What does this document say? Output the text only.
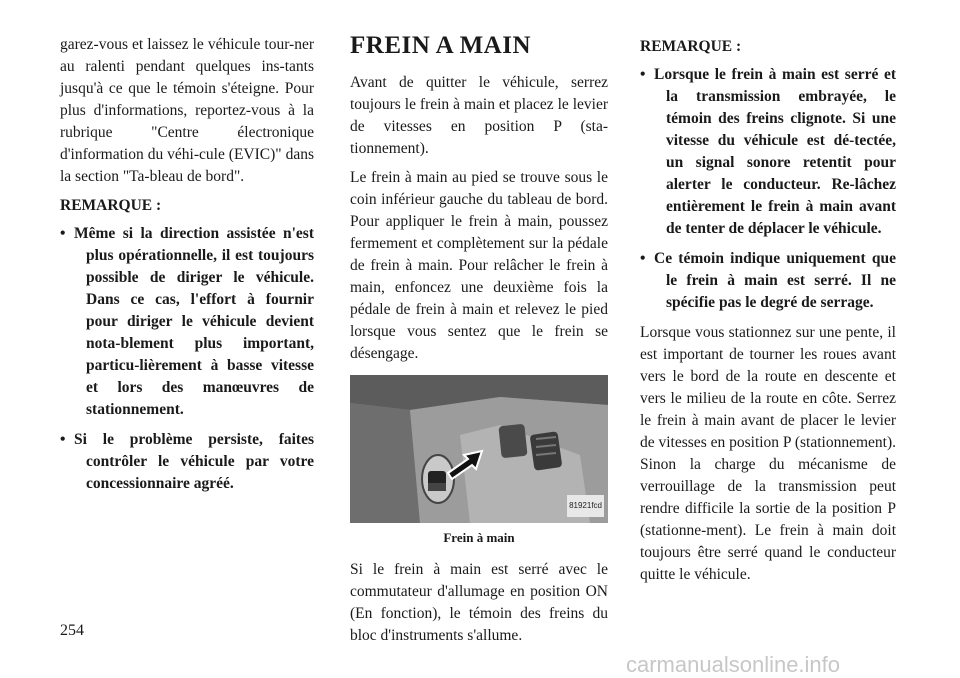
garez-vous et laissez le véhicule tour-ner au ralenti pendant quelques ins-tants jusqu'à ce que le témoin s'éteigne. Pour plus d'informations, reportez-vous à la rubrique "Centre électronique d'information du véhi-cule (EVIC)" dans la section "Ta-bleau de bord".

REMARQUE :
• Même si la direction assistée n'est plus opérationnelle, il est toujours possible de diriger le véhicule. Dans ce cas, l'effort à fournir pour diriger le véhicule devient nota-blement plus important, particu-lièrement à basse vitesse et lors des manœuvres de stationnement.
• Si le problème persiste, faites contrôler le véhicule par votre concessionnaire agréé.
FREIN A MAIN

Avant de quitter le véhicule, serrez toujours le frein à main et placez le levier de vitesses en position P (sta-tionnement).

Le frein à main au pied se trouve sous le coin inférieur gauche du tableau de bord. Pour appliquer le frein à main, poussez fermement et complètement sur la pédale de frein à main. Pour relâcher le frein à main, enfoncez une deuxième fois la pédale de frein à main et relevez le pied lorsque vous sentez que le frein se désengage.

81921fcd
Frein à main

Si le frein à main est serré avec le commutateur d'allumage en position ON (En fonction), le témoin des freins du bloc d'instruments s'allume.

REMARQUE :
• Lorsque le frein à main est serré et la transmission embrayée, le témoin des freins clignote. Si une vitesse du véhicule est dé-tectée, un signal sonore retentit pour alerter le conducteur. Re-lâchez entièrement le frein à main avant de tenter de déplacer le véhicule.
• Ce témoin indique uniquement que le frein à main est serré. Il ne spécifie pas le degré de serrage.

Lorsque vous stationnez sur une pente, il est important de tourner les roues avant vers le bord de la route en descente et vers le milieu de la route en côte. Serrez le frein à main avant de placer le levier de vitesses en position P (stationnement). Sinon la charge du mécanisme de verrouillage de la transmission peut rendre difficile la sortie de la position P (stationne-ment). Le frein à main doit toujours être serré quand le conducteur quitte le véhicule.

254
carmanualsonline.info
